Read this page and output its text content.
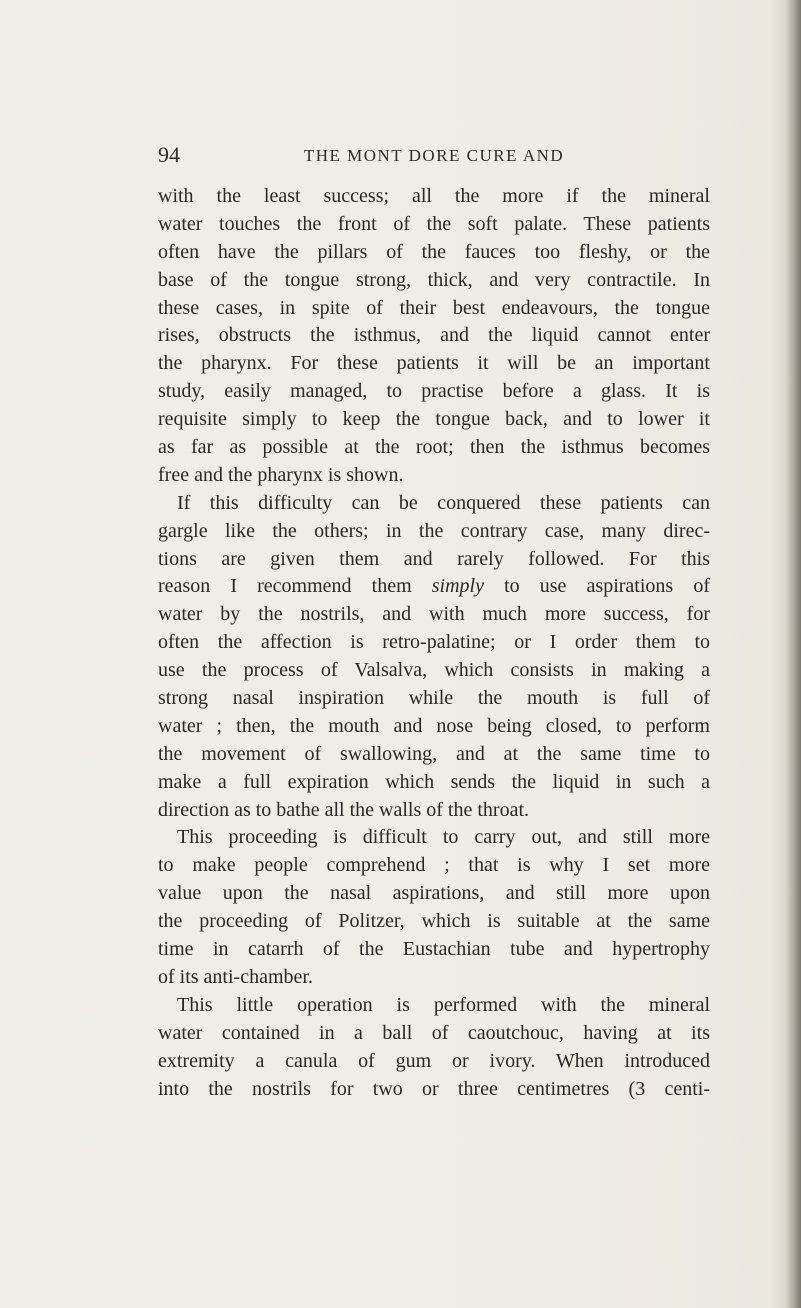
94	THE MONT DORE CURE AND
with the least success; all the more if the mineral
water touches the front of the soft palate. These patients
often have the pillars of the fauces too fleshy, or the
base of the tongue strong, thick, and very contractile. In
these cases, in spite of their best endeavours, the tongue
rises, obstructs the isthmus, and the liquid cannot enter
the pharynx. For these patients it will be an important
study, easily managed, to practise before a glass. It is
requisite simply to keep the tongue back, and to lower it
as far as possible at the root; then the isthmus becomes
free and the pharynx is shown.
If this difficulty can be conquered these patients can
gargle like the others; in the contrary case, many direc-
tions are given them and rarely followed. For this
reason I recommend them simply to use aspirations of
water by the nostrils, and with much more success, for
often the affection is retro-palatine; or I order them to
use the process of Valsalva, which consists in making a
strong nasal inspiration while the mouth is full of
water ; then, the mouth and nose being closed, to perform
the movement of swallowing, and at the same time to
make a full expiration which sends the liquid in such a
direction as to bathe all the walls of the throat.
This proceeding is difficult to carry out, and still more
to make people comprehend ; that is why I set more
value upon the nasal aspirations, and still more upon
the proceeding of Politzer, which is suitable at the same
time in catarrh of the Eustachian tube and hypertrophy
of its anti-chamber.
This little operation is performed with the mineral
water contained in a ball of caoutchouc, having at its
extremity a canula of gum or ivory. When introduced
into the nostrils for two or three centimetres (3 centi-
